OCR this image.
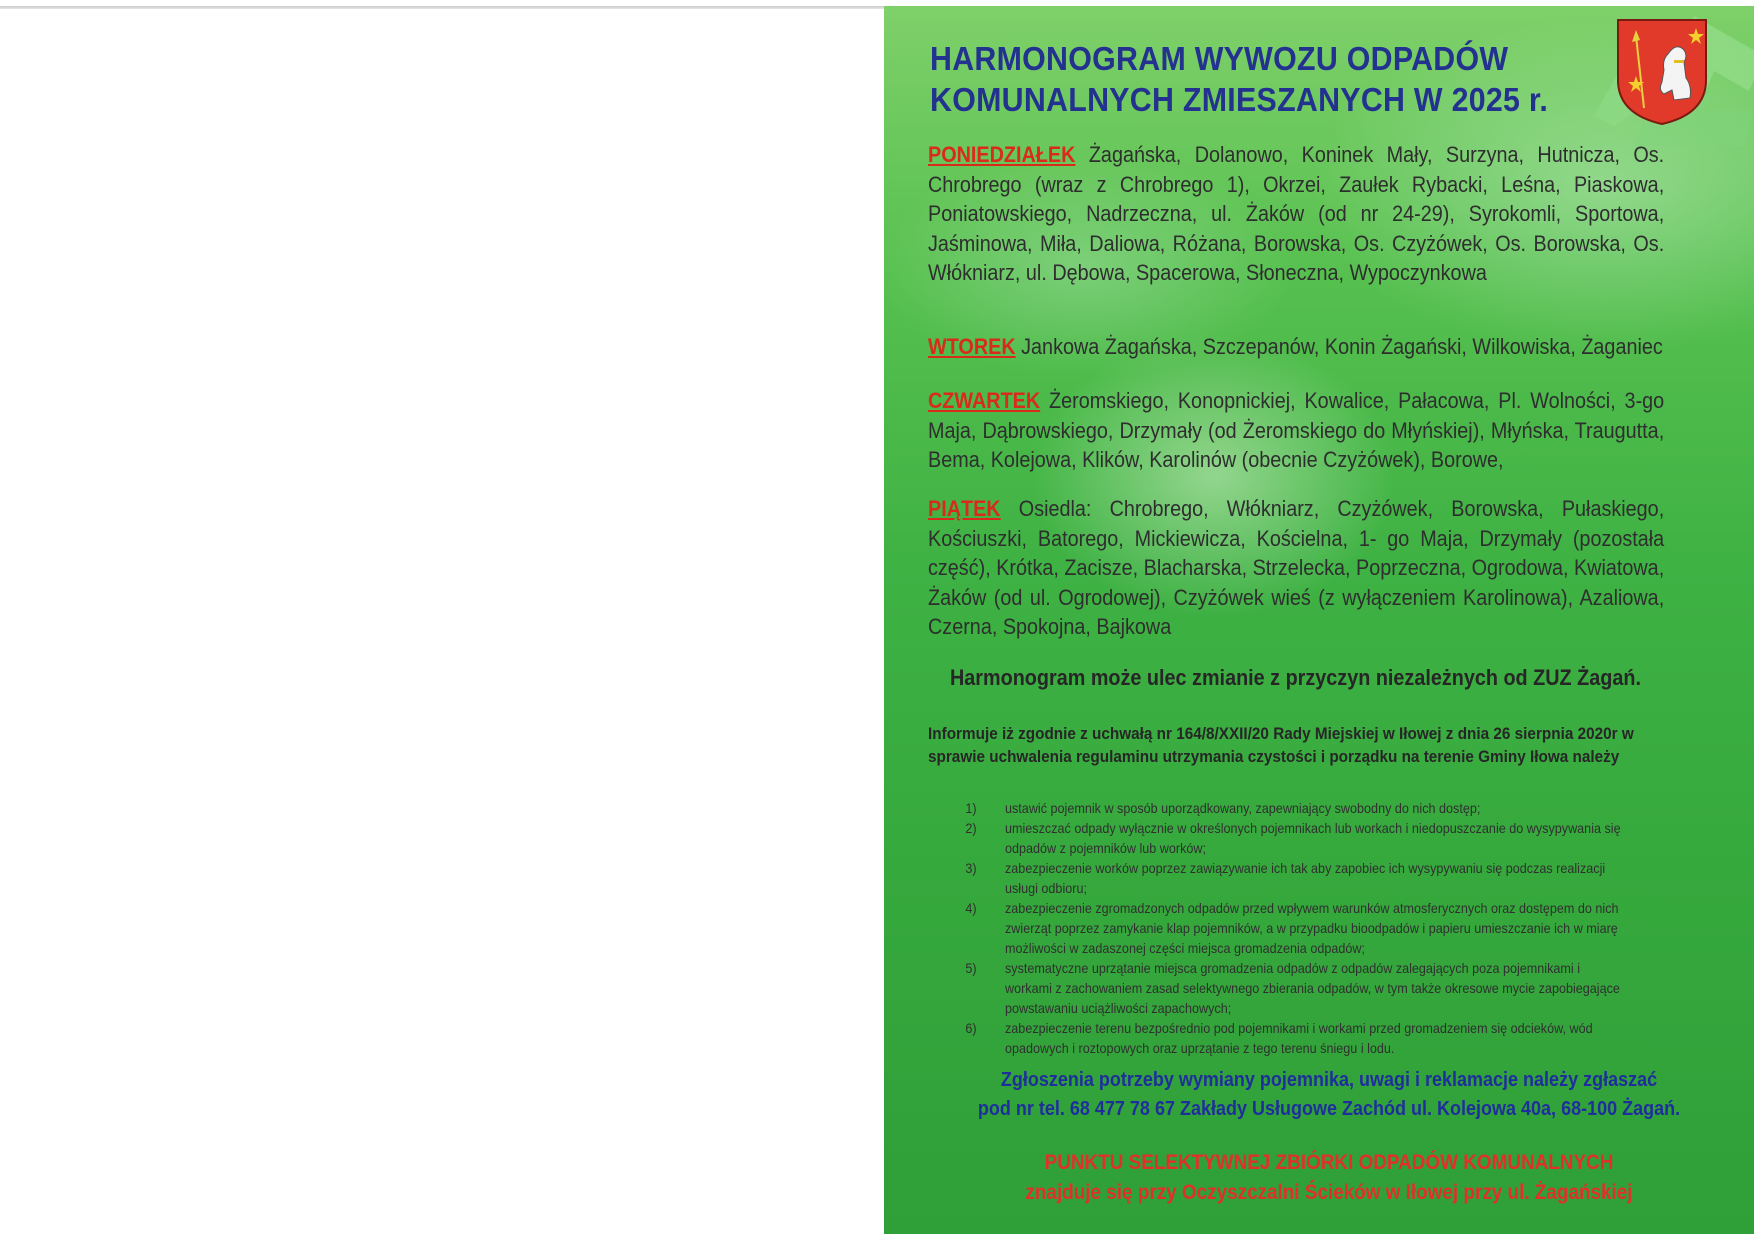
HARMONOGRAM WYWOZU ODPADÓW
KOMUNALNYCH ZMIESZANYCH W 2025 r.

PONIEDZIAŁEK Żagańska, Dolanowo, Koninek Mały, Surzyna, Hutnicza, Os. Chrobrego (wraz z Chrobrego 1), Okrzei, Zaułek Rybacki, Leśna, Piaskowa, Poniatowskiego, Nadrzeczna, ul. Żaków (od nr 24-29), Syrokomli, Sportowa, Jaśminowa, Miła, Daliowa, Różana, Borowska, Os. Czyżówek, Os. Borowska, Os. Włókniarz, ul. Dębowa, Spacerowa, Słoneczna, Wypoczynkowa

WTOREK Jankowa Żagańska, Szczepanów, Konin Żagański, Wilkowiska, Żaganiec

CZWARTEK Żeromskiego, Konopnickiej, Kowalice, Pałacowa, Pl. Wolności, 3-go Maja, Dąbrowskiego, Drzymały (od Żeromskiego do Młyńskiej), Młyńska, Traugutta, Bema, Kolejowa, Klików, Karolinów (obecnie Czyżówek), Borowe,

PIĄTEK Osiedla: Chrobrego, Włókniarz, Czyżówek, Borowska, Pułaskiego, Kościuszki, Batorego, Mickiewicza, Kościelna, 1- go Maja, Drzymały (pozostała część), Krótka, Zacisze, Blacharska, Strzelecka, Poprzeczna, Ogrodowa, Kwiatowa, Żaków (od ul. Ogrodowej), Czyżówek wieś (z wyłączeniem Karolinowa), Azaliowa, Czerna, Spokojna, Bajkowa

Harmonogram może ulec zmianie z przyczyn niezależnych od ZUZ Żagań.

Informuje iż zgodnie z uchwałą nr 164/8/XXII/20 Rady Miejskiej w Iłowej z dnia 26 sierpnia 2020r w sprawie uchwalenia regulaminu utrzymania czystości i porządku na terenie Gminy Iłowa należy

1) ustawić pojemnik w sposób uporządkowany, zapewniający swobodny do nich dostęp;
2) umieszczać odpady wyłącznie w określonych pojemnikach lub workach i niedopuszczanie do wysypywania się odpadów z pojemników lub worków;
3) zabezpieczenie worków poprzez zawiązywanie ich tak aby zapobiec ich wysypywaniu się podczas realizacji usługi odbioru;
4) zabezpieczenie zgromadzonych odpadów przed wpływem warunków atmosferycznych oraz dostępem do nich zwierząt poprzez zamykanie klap pojemników, a w przypadku bioodpadów i papieru umieszczanie ich w miarę możliwości w zadaszonej części miejsca gromadzenia odpadów;
5) systematyczne uprzątanie miejsca gromadzenia odpadów z odpadów zalegających poza pojemnikami i workami z zachowaniem zasad selektywnego zbierania odpadów, w tym także okresowe mycie zapobiegające powstawaniu uciążliwości zapachowych;
6) zabezpieczenie terenu bezpośrednio pod pojemnikami i workami przed gromadzeniem się odcieków, wód opadowych i roztopowych oraz uprzątanie z tego terenu śniegu i lodu.

Zgłoszenia potrzeby wymiany pojemnika, uwagi i reklamacje należy zgłaszać
pod nr tel. 68 477 78 67 Zakłady Usługowe Zachód ul. Kolejowa 40a, 68-100 Żagań.

PUNKTU SELEKTYWNEJ ZBIÓRKI ODPADÓW KOMUNALNYCH
znajduje się przy Oczyszczalni Ścieków w Iłowej przy ul. Żagańskiej
